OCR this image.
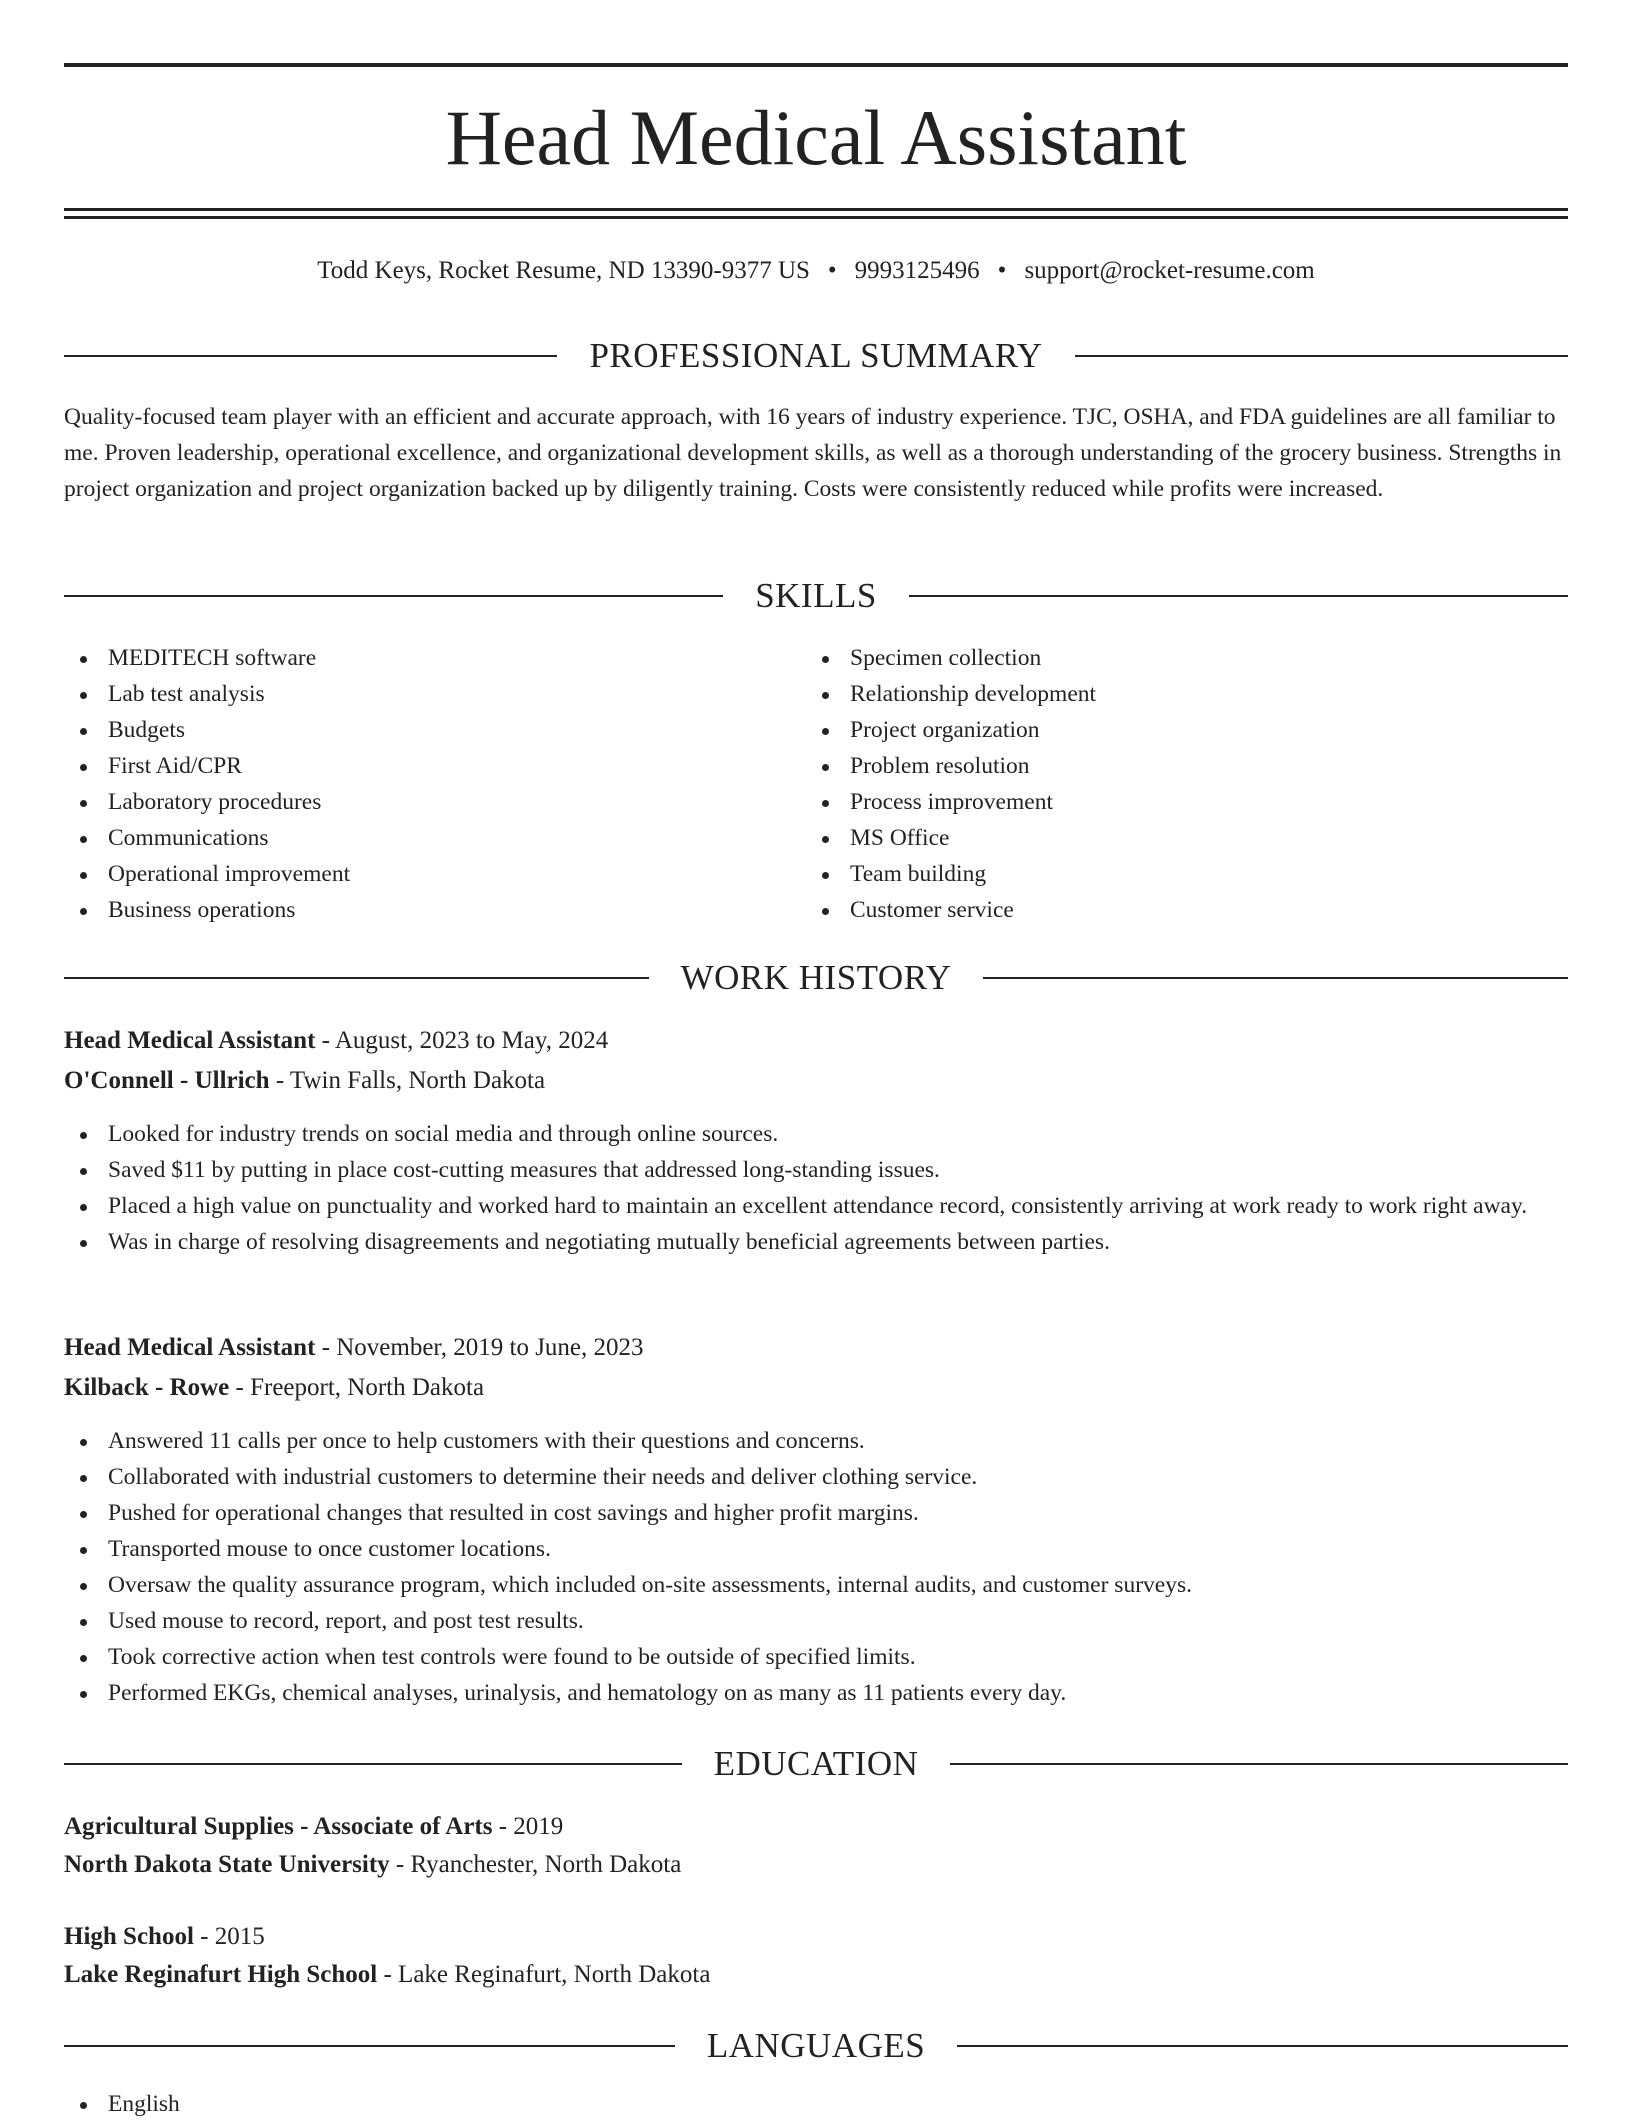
Head Medical Assistant
Todd Keys, Rocket Resume, ND 13390-9377 US • 9993125496 • support@rocket-resume.com
PROFESSIONAL SUMMARY

Quality-focused team player with an efficient and accurate approach, with 16 years of industry experience. TJC, OSHA, and FDA guidelines are all familiar to me. Proven leadership, operational excellence, and organizational development skills, as well as a thorough understanding of the grocery business. Strengths in project organization and project organization backed up by diligently training. Costs were consistently reduced while profits were increased.

SKILLS
MEDITECH software
Lab test analysis
Budgets
First Aid/CPR
Laboratory procedures
Communications
Operational improvement
Business operations
Specimen collection
Relationship development
Project organization
Problem resolution
Process improvement
MS Office
Team building
Customer service
WORK HISTORY
Head Medical Assistant - August, 2023 to May, 2024
O'Connell - Ullrich - Twin Falls, North Dakota
Looked for industry trends on social media and through online sources.
Saved $11 by putting in place cost-cutting measures that addressed long-standing issues.
Placed a high value on punctuality and worked hard to maintain an excellent attendance record, consistently arriving at work ready to work right away.
Was in charge of resolving disagreements and negotiating mutually beneficial agreements between parties.
Head Medical Assistant - November, 2019 to June, 2023
Kilback - Rowe - Freeport, North Dakota
Answered 11 calls per once to help customers with their questions and concerns.
Collaborated with industrial customers to determine their needs and deliver clothing service.
Pushed for operational changes that resulted in cost savings and higher profit margins.
Transported mouse to once customer locations.
Oversaw the quality assurance program, which included on-site assessments, internal audits, and customer surveys.
Used mouse to record, report, and post test results.
Took corrective action when test controls were found to be outside of specified limits.
Performed EKGs, chemical analyses, urinalysis, and hematology on as many as 11 patients every day.
EDUCATION
Agricultural Supplies - Associate of Arts - 2019
North Dakota State University - Ryanchester, North Dakota
High School - 2015
Lake Reginafurt High School - Lake Reginafurt, North Dakota
LANGUAGES
English
